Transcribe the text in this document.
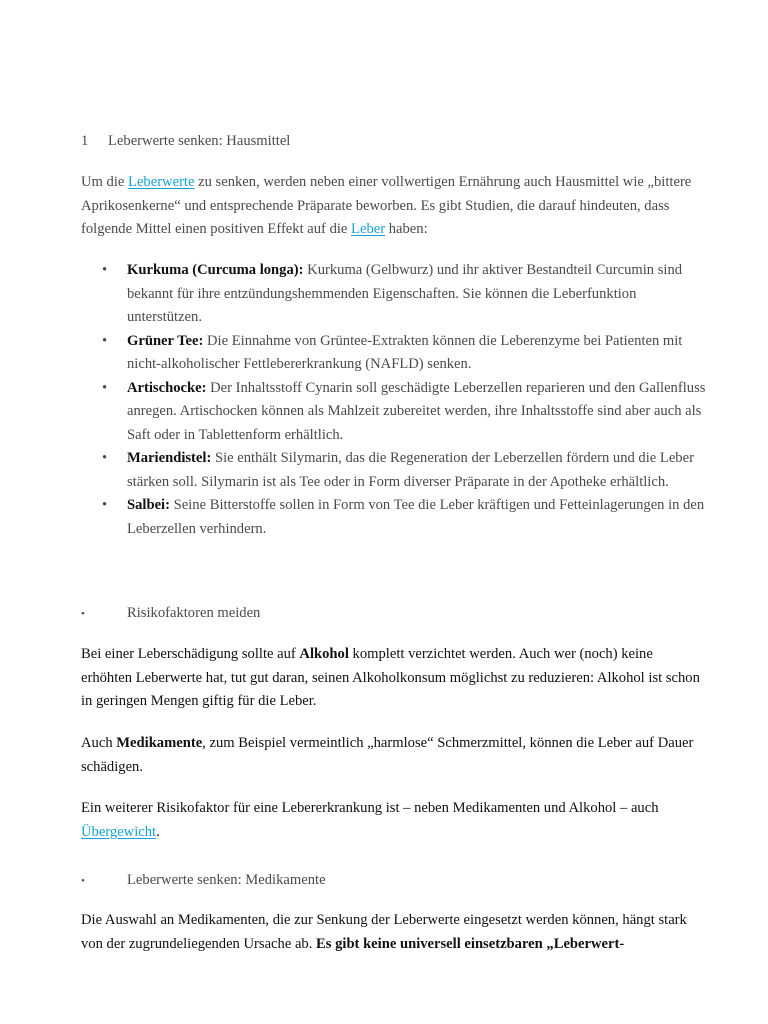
1 Leberwerte senken: Hausmittel

Um die Leberwerte zu senken, werden neben einer vollwertigen Ernährung auch Hausmittel wie „bittere Aprikosenkerne“ und entsprechende Präparate beworben. Es gibt Studien, die darauf hindeuten, dass folgende Mittel einen positiven Effekt auf die Leber haben:

• Kurkuma (Curcuma longa): Kurkuma (Gelbwurz) und ihr aktiver Bestandteil Curcumin sind bekannt für ihre entzündungshemmenden Eigenschaften. Sie können die Leberfunktion unterstützen.
• Grüner Tee: Die Einnahme von Grüntee-Extrakten können die Leberenzyme bei Patienten mit nicht-alkoholischer Fettlebererkrankung (NAFLD) senken.
• Artischocke: Der Inhaltsstoff Cynarin soll geschädigte Leberzellen reparieren und den Gallenfluss anregen. Artischocken können als Mahlzeit zubereitet werden, ihre Inhaltsstoffe sind aber auch als Saft oder in Tablettenform erhältlich.
• Mariendistel: Sie enthält Silymarin, das die Regeneration der Leberzellen fördern und die Leber stärken soll. Silymarin ist als Tee oder in Form diverser Präparate in der Apotheke erhältlich.
• Salbei: Seine Bitterstoffe sollen in Form von Tee die Leber kräftigen und Fetteinlagerungen in den Leberzellen verhindern.
•	Risikofaktoren meiden

Bei einer Leberschädigung sollte auf Alkohol komplett verzichtet werden. Auch wer (noch) keine erhöhten Leberwerte hat, tut gut daran, seinen Alkoholkonsum möglichst zu reduzieren: Alkohol ist schon in geringen Mengen giftig für die Leber.

Auch Medikamente, zum Beispiel vermeintlich „harmlose“ Schmerzmittel, können die Leber auf Dauer schädigen.

Ein weiterer Risikofaktor für eine Lebererkrankung ist – neben Medikamenten und Alkohol – auch Übergewicht.

•	Leberwerte senken: Medikamente

Die Auswahl an Medikamenten, die zur Senkung der Leberwerte eingesetzt werden können, hängt stark von der zugrundeliegenden Ursache ab. Es gibt keine universell einsetzbaren „Leberwert-
